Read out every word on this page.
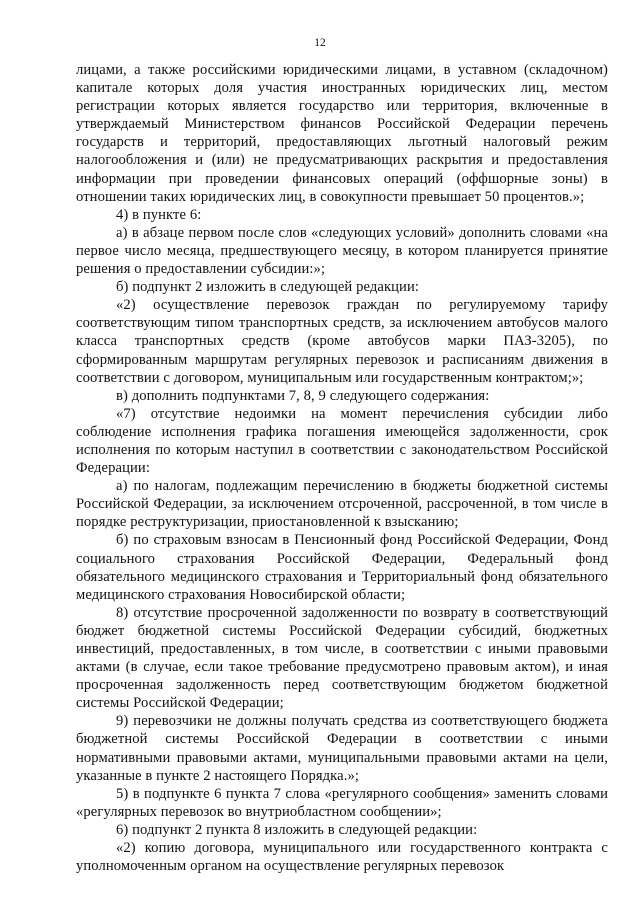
12

лицами, а также российскими юридическими лицами, в уставном (складочном) капитале которых доля участия иностранных юридических лиц, местом регистрации которых является государство или территория, включенные в утверждаемый Министерством финансов Российской Федерации перечень государств и территорий, предоставляющих льготный налоговый режим налогообложения и (или) не предусматривающих раскрытия и предоставления информации при проведении финансовых операций (оффшорные зоны) в отношении таких юридических лиц, в совокупности превышает 50 процентов.»;

4) в пункте 6:

а) в абзаце первом после слов «следующих условий» дополнить словами «на первое число месяца, предшествующего месяцу, в котором планируется принятие решения о предоставлении субсидии:»;

б) подпункт 2 изложить в следующей редакции:

«2) осуществление перевозок граждан по регулируемому тарифу соответствующим типом транспортных средств, за исключением автобусов малого класса транспортных средств (кроме автобусов марки ПАЗ-3205), по сформированным маршрутам регулярных перевозок и расписаниям движения в соответствии с договором, муниципальным или государственным контрактом;»;

в) дополнить подпунктами 7, 8, 9 следующего содержания:

«7) отсутствие недоимки на момент перечисления субсидии либо соблюдение исполнения графика погашения имеющейся задолженности, срок исполнения по которым наступил в соответствии с законодательством Российской Федерации:

а) по налогам, подлежащим перечислению в бюджеты бюджетной системы Российской Федерации, за исключением отсроченной, рассроченной, в том числе в порядке реструктуризации, приостановленной к взысканию;

б) по страховым взносам в Пенсионный фонд Российской Федерации, Фонд социального страхования Российской Федерации, Федеральный фонд обязательного медицинского страхования и Территориальный фонд обязательного медицинского страхования Новосибирской области;

8) отсутствие просроченной задолженности по возврату в соответствующий бюджет бюджетной системы Российской Федерации субсидий, бюджетных инвестиций, предоставленных, в том числе, в соответствии с иными правовыми актами (в случае, если такое требование предусмотрено правовым актом), и иная просроченная задолженность перед соответствующим бюджетом бюджетной системы Российской Федерации;

9) перевозчики не должны получать средства из соответствующего бюджета бюджетной системы Российской Федерации в соответствии с иными нормативными правовыми актами, муниципальными правовыми актами на цели, указанные в пункте 2 настоящего Порядка.»;

5) в подпункте 6 пункта 7 слова «регулярного сообщения» заменить словами «регулярных перевозок во внутриобластном сообщении»;

6) подпункт 2 пункта 8 изложить в следующей редакции:

«2) копию договора, муниципального или государственного контракта с уполномоченным органом на осуществление регулярных перевозок
